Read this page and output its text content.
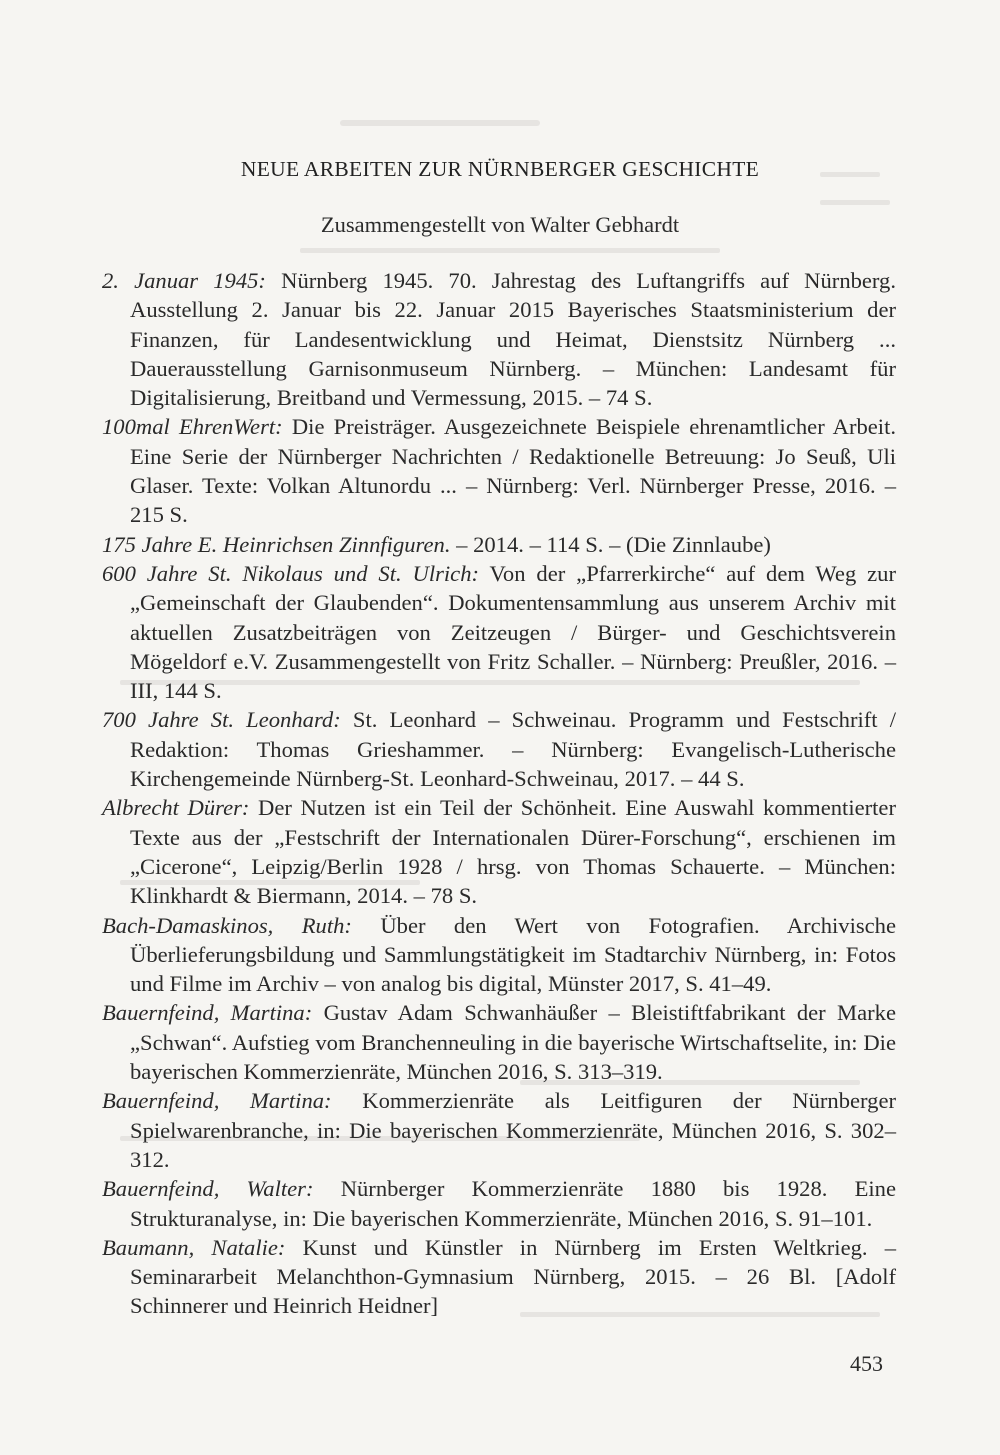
NEUE ARBEITEN ZUR NÜRNBERGER GESCHICHTE
Zusammengestellt von Walter Gebhardt
2. Januar 1945: Nürnberg 1945. 70. Jahrestag des Luftangriffs auf Nürnberg. Ausstellung 2. Januar bis 22. Januar 2015 Bayerisches Staatsministerium der Finanzen, für Landesentwicklung und Heimat, Dienstsitz Nürnberg ... Dauerausstellung Garnisonmuseum Nürnberg. – München: Landesamt für Digitalisierung, Breitband und Vermessung, 2015. – 74 S.
100mal EhrenWert: Die Preisträger. Ausgezeichnete Beispiele ehrenamtlicher Arbeit. Eine Serie der Nürnberger Nachrichten / Redaktionelle Betreuung: Jo Seuß, Uli Glaser. Texte: Volkan Altunordu ... – Nürnberg: Verl. Nürnberger Presse, 2016. – 215 S.
175 Jahre E. Heinrichsen Zinnfiguren. – 2014. – 114 S. – (Die Zinnlaube)
600 Jahre St. Nikolaus und St. Ulrich: Von der „Pfarrerkirche“ auf dem Weg zur „Gemeinschaft der Glaubenden“. Dokumentensammlung aus unserem Archiv mit aktuellen Zusatzbeiträgen von Zeitzeugen / Bürger- und Geschichtsverein Mögeldorf e.V. Zusammengestellt von Fritz Schaller. – Nürnberg: Preußler, 2016. – III, 144 S.
700 Jahre St. Leonhard: St. Leonhard – Schweinau. Programm und Festschrift / Redaktion: Thomas Grieshammer. – Nürnberg: Evangelisch-Lutherische Kirchengemeinde Nürnberg-St. Leonhard-Schweinau, 2017. – 44 S.
Albrecht Dürer: Der Nutzen ist ein Teil der Schönheit. Eine Auswahl kommentierter Texte aus der „Festschrift der Internationalen Dürer-Forschung“, erschienen im „Cicerone“, Leipzig/Berlin 1928 / hrsg. von Thomas Schauerte. – München: Klinkhardt & Biermann, 2014. – 78 S.
Bach-Damaskinos, Ruth: Über den Wert von Fotografien. Archivische Überlieferungsbildung und Sammlungstätigkeit im Stadtarchiv Nürnberg, in: Fotos und Filme im Archiv – von analog bis digital, Münster 2017, S. 41–49.
Bauernfeind, Martina: Gustav Adam Schwanhäußer – Bleistiftfabrikant der Marke „Schwan“. Aufstieg vom Branchenneuling in die bayerische Wirtschaftselite, in: Die bayerischen Kommerzienräte, München 2016, S. 313–319.
Bauernfeind, Martina: Kommerzienräte als Leitfiguren der Nürnberger Spielwarenbranche, in: Die bayerischen Kommerzienräte, München 2016, S. 302–312.
Bauernfeind, Walter: Nürnberger Kommerzienräte 1880 bis 1928. Eine Strukturanalyse, in: Die bayerischen Kommerzienräte, München 2016, S. 91–101.
Baumann, Natalie: Kunst und Künstler in Nürnberg im Ersten Weltkrieg. – Seminararbeit Melanchthon-Gymnasium Nürnberg, 2015. – 26 Bl. [Adolf Schinnerer und Heinrich Heidner]
453
